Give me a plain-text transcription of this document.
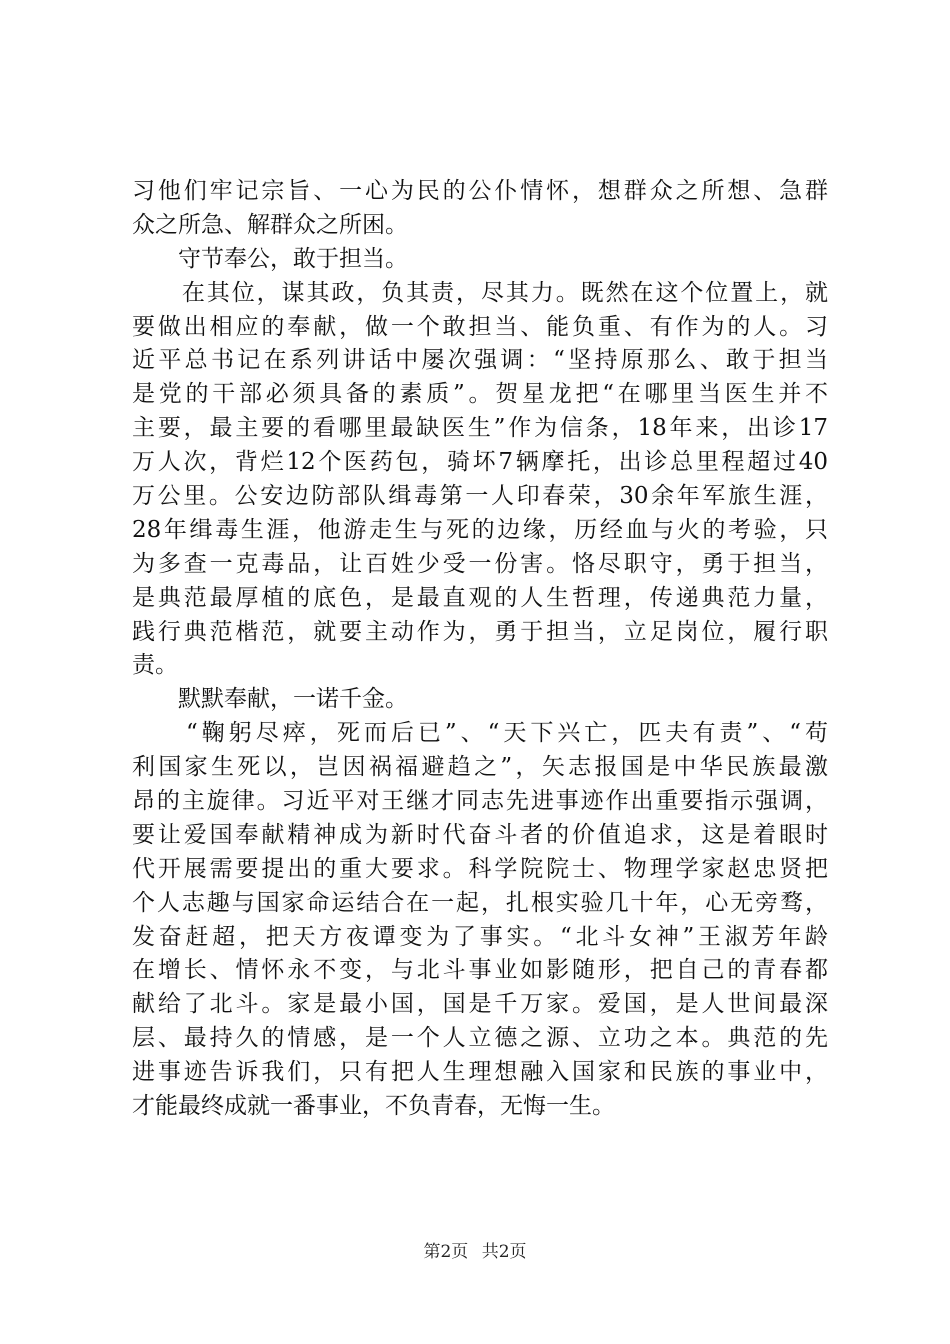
习他们牢记宗旨、一心为民的公仆情怀，想群众之所想、急群
众之所急、解群众之所困。
　　守节奉公，敢于担当。
　　在其位，谋其政，负其责，尽其力。既然在这个位置上，就
要做出相应的奉献，做一个敢担当、能负重、有作为的人。习
近平总书记在系列讲话中屡次强调：“坚持原那么、敢于担当
是党的干部必须具备的素质”。贺星龙把“在哪里当医生并不
主要，最主要的看哪里最缺医生”作为信条，18年来，出诊17
万人次，背烂12个医药包，骑坏7辆摩托，出诊总里程超过40
万公里。公安边防部队缉毒第一人印春荣，30余年军旅生涯，
28年缉毒生涯，他游走生与死的边缘，历经血与火的考验，只
为多查一克毒品，让百姓少受一份害。恪尽职守，勇于担当，
是典范最厚植的底色，是最直观的人生哲理，传递典范力量，
践行典范楷范，就要主动作为，勇于担当，立足岗位，履行职
责。
　　默默奉献，一诺千金。
　　“鞠躬尽瘁，死而后已”、“天下兴亡，匹夫有责”、“苟
利国家生死以，岂因祸福避趋之”，矢志报国是中华民族最激
昂的主旋律。习近平对王继才同志先进事迹作出重要指示强调，
要让爱国奉献精神成为新时代奋斗者的价值追求，这是着眼时
代开展需要提出的重大要求。科学院院士、物理学家赵忠贤把
个人志趣与国家命运结合在一起，扎根实验几十年，心无旁骛，
发奋赶超，把天方夜谭变为了事实。“北斗女神”王淑芳年龄
在增长、情怀永不变，与北斗事业如影随形，把自己的青春都
献给了北斗。家是最小国，国是千万家。爱国，是人世间最深
层、最持久的情感，是一个人立德之源、立功之本。典范的先
进事迹告诉我们，只有把人生理想融入国家和民族的事业中，
才能最终成就一番事业，不负青春，无悔一生。
第2页 共2页
